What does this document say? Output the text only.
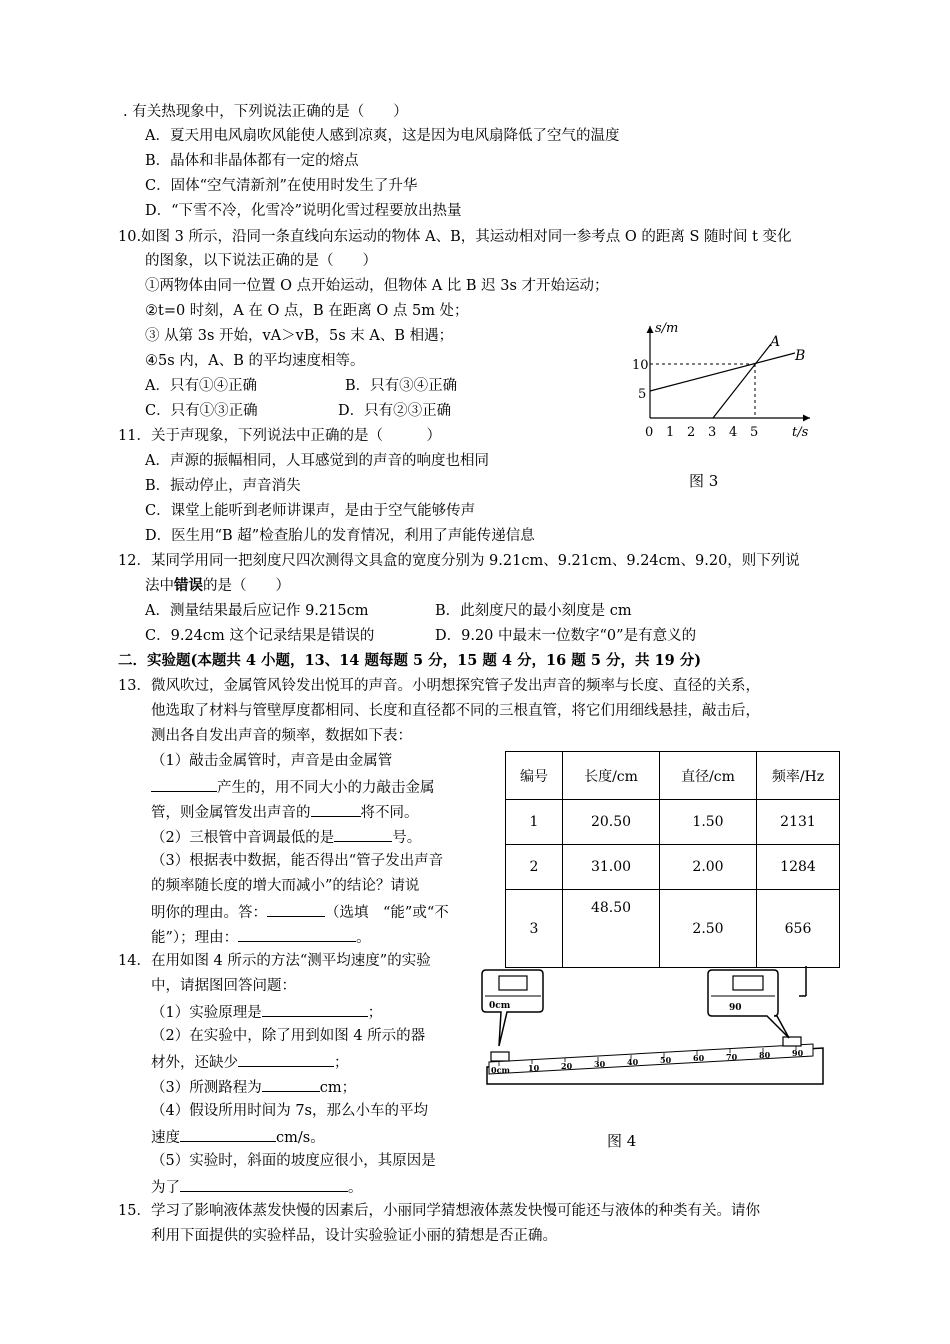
. 有关热现象中，下列说法正确的是（　　）
A．夏天用电风扇吹风能使人感到凉爽，这是因为电风扇降低了空气的温度
B．晶体和非晶体都有一定的熔点
C．固体“空气清新剂”在使用时发生了升华
D．“下雪不冷，化雪冷”说明化雪过程要放出热量
10.如图 3 所示，沿同一条直线向东运动的物体 A、B，其运动相对同一参考点 O 的距离 S 随时间 t 变化
的图象，以下说法正确的是（　　）
①两物体由同一位置 O 点开始运动，但物体 A 比 B 迟 3s 才开始运动；
②t=0 时刻，A 在 O 点，B 在距离 O 点 5m 处；
③ 从第 3s 开始，vA＞vB，5s 末 A、B 相遇；
④5s 内，A、B 的平均速度相等。
A．只有①④正确	B．只有③④正确
C．只有①③正确	D．只有②③正确
s/m
t/s
10
5
0 1 2 3 4 5
A
B
图 3
11．关于声现象，下列说法中正确的是（　　　）
A．声源的振幅相同，人耳感觉到的声音的响度也相同
B．振动停止，声音消失
C．课堂上能听到老师讲课声，是由于空气能够传声
D．医生用“B 超”检查胎儿的发育情况，利用了声能传递信息
12．某同学用同一把刻度尺四次测得文具盒的宽度分别为 9.21cm、9.21cm、9.24cm、9.20，则下列说
法中错误的是（　　）
A．测量结果最后应记作 9.215cm	B．此刻度尺的最小刻度是 cm
C．9.24cm 这个记录结果是错误的	D．9.20 中最末一位数字“0”是有意义的
二．实验题(本题共 4 小题，13、14 题每题 5 分，15 题 4 分，16 题 5 分，共 19 分)
13．微风吹过，金属管风铃发出悦耳的声音。小明想探究管子发出声音的频率与长度、直径的关系，
他选取了材料与管壁厚度都相同、长度和直径都不同的三根直管，将它们用细线悬挂，敲击后，
测出各自发出声音的频率，数据如下表：
（1）敲击金属管时，声音是由金属管
产生的，用不同大小的力敲击金属
管，则金属管发出声音的	将不同。
（2）三根管中音调最低的是	号。
（3）根据表中数据，能否得出“管子发出声音
的频率随长度的增大而减小”的结论？请说
明你的理由。答：	（选填　“能”或“不
能”）；理由：	。
编号	长度/cm	直径/cm	频率/Hz
1	20.50	1.50	2131
2	31.00	2.00	1284
3	48.50	2.50	656
14．在用如图 4 所示的方法“测平均速度”的实验
中，请据图回答问题：
（1）实验原理是	；
（2）在实验中，除了用到如图 4 所示的器
材外，还缺少	；
（3）所测路程为	cm；
（4）假设所用时间为 7s，那么小车的平均
速度	cm/s。
（5）实验时，斜面的坡度应很小，其原因是
为了	。
0cm 10	20	30	40	50	60	70	80	90
0cm	90
图 4
15．学习了影响液体蒸发快慢的因素后，小丽同学猜想液体蒸发快慢可能还与液体的种类有关。请你
利用下面提供的实验样品，设计实验验证小丽的猜想是否正确。
